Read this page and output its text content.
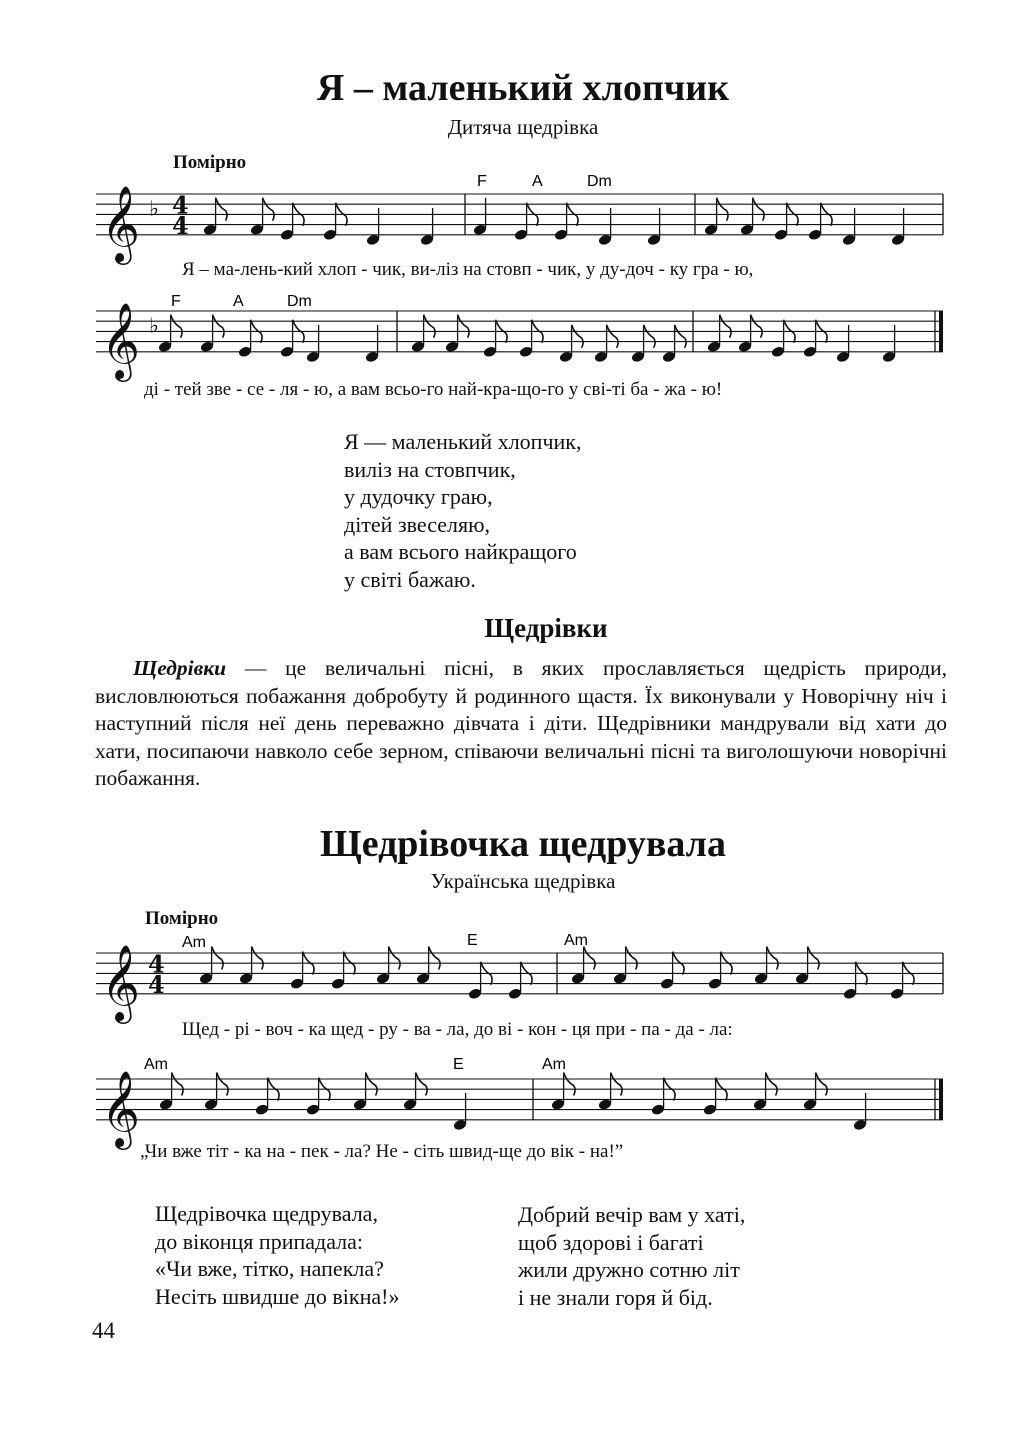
Я – маленький хлопчик
Дитяча щедрівка
Помірно
F	A	Dm
𝄞 ♭ 4
4
Я – ма-лень-кий хлоп - чик, ви-ліз на стовп - чик, у ду-доч - ку гра - ю,
F	A	Dm
𝄞 ♭
ді - тей зве - се - ля - ю, а вам всьо-го най-кра-що-го у сві-ті ба - жа - ю!
Я — маленький хлопчик,
виліз на стовпчик,
у дудочку граю,
дітей звеселяю,
а вам всього найкращого
у світі бажаю.
Щедрівки
Щедрівки — це величальні пісні, в яких прославляється щедрість природи, висловлюються побажання добробуту й родинного щастя. Їх виконували у Новорічну ніч і наступний після неї день переважно дівчата і діти. Щедрівники мандрували від хати до хати, посипаючи навколо себе зерном, співаючи величальні пісні та виголошуючи новорічні побажання.
Щедрівочка щедрувала
Українська щедрівка
Помірно
Am	E	Am
𝄞 4
4
Щед - рі - воч - ка щед - ру - ва - ла, до ві - кон - ця при - па - да - ла:
Am	E	Am
𝄞
„Чи вже тіт - ка на - пек - ла? Не - сіть швид-ще до вік - на!”
Щедрівочка щедрувала,
до віконця припадала:
«Чи вже, тітко, напекла?
Несіть швидше до вікна!»
Добрий вечір вам у хаті,
щоб здорові і багаті
жили дружно сотню літ
і не знали горя й бід.
44
